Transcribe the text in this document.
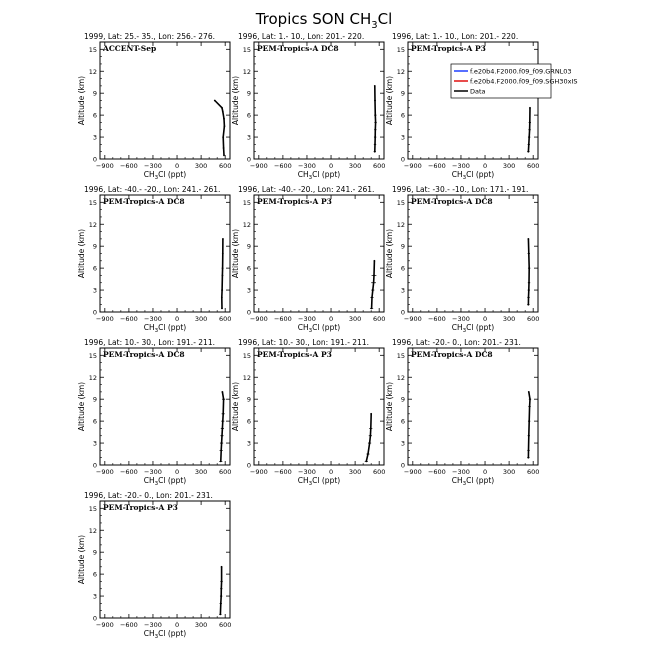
Tropics SON $CH_3Cl$
1999, Lat: 25.- 35., Lon: 256.- 276.
ACCENT-Sep
−900 −600 −300 0 300 600
0
3
6
9
12
15
$CH_3Cl$ (ppt)
Altitude (km)
1996, Lat: 1.- 10., Lon: 201.- 220.
PEM-Tropics-A DC8
−900 −600 −300 0 300 600
0
3
6
9
12
15
$CH_3Cl$ (ppt)
Altitude (km)
1996, Lat: 1.- 10., Lon: 201.- 220.
PEM-Tropics-A P3
−900 −600 −300 0 300 600
0
3
6
9
12
15
$CH_3Cl$ (ppt)
Altitude (km)
1996, Lat: -40.- -20., Lon: 241.- 261.
PEM-Tropics-A DC8
−900 −600 −300 0 300 600
0
3
6
9
12
15
$CH_3Cl$ (ppt)
Altitude (km)
1996, Lat: -40.- -20., Lon: 241.- 261.
PEM-Tropics-A P3
−900 −600 −300 0 300 600
0
3
6
9
12
15
$CH_3Cl$ (ppt)
Altitude (km)
1996, Lat: -30.- -10., Lon: 171.- 191.
PEM-Tropics-A DC8
−900 −600 −300 0 300 600
0
3
6
9
12
15
$CH_3Cl$ (ppt)
Altitude (km)
1996, Lat: 10.- 30., Lon: 191.- 211.
PEM-Tropics-A DC8
−900 −600 −300 0 300 600
0
3
6
9
12
15
$CH_3Cl$ (ppt)
Altitude (km)
1996, Lat: 10.- 30., Lon: 191.- 211.
PEM-Tropics-A P3
−900 −600 −300 0 300 600
0
3
6
9
12
15
$CH_3Cl$ (ppt)
Altitude (km)
1996, Lat: -20.- 0., Lon: 201.- 231.
PEM-Tropics-A DC8
−900 −600 −300 0 300 600
0
3
6
9
12
15
$CH_3Cl$ (ppt)
Altitude (km)
1996, Lat: -20.- 0., Lon: 201.- 231.
PEM-Tropics-A P3
−900 −600 −300 0 300 600
0
3
6
9
12
15
$CH_3Cl$ (ppt)
Altitude (km)
f.e20b4.F2000.f09_f09.GRNL03
f.e20b4.F2000.f09_f09.SGH30xIS
Data
